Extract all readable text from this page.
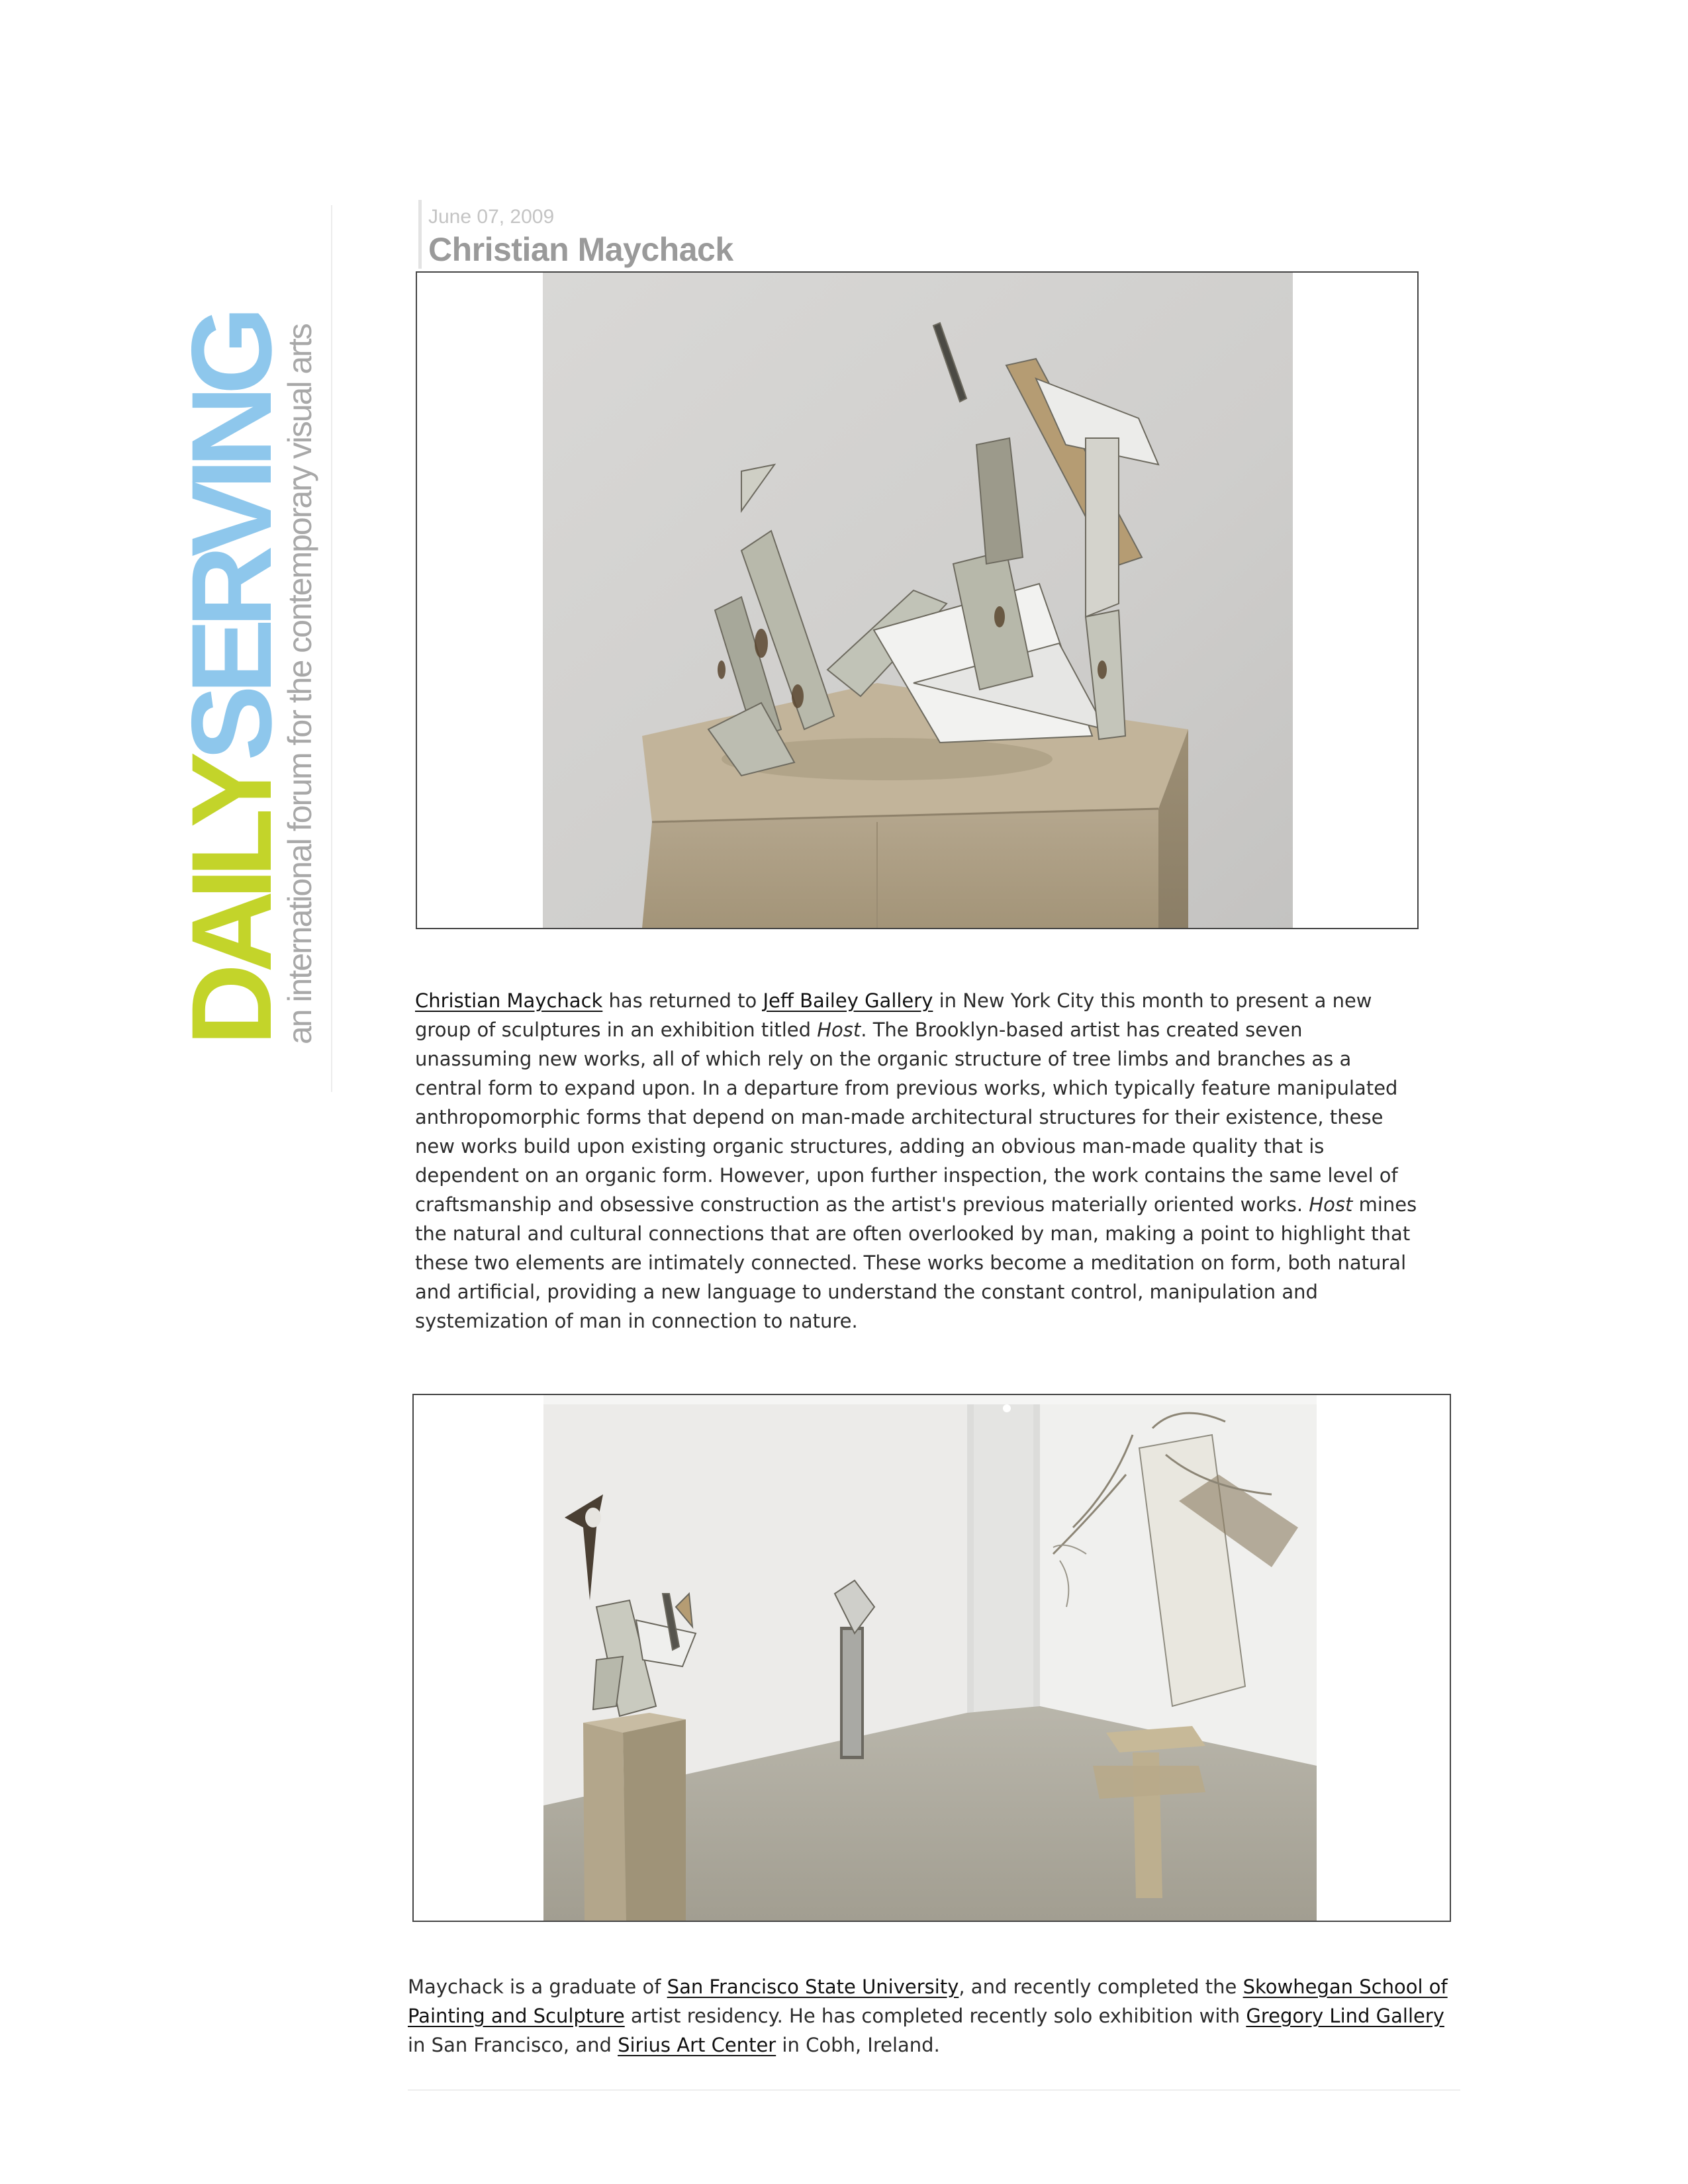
DAILYSERVING
an international forum for the contemporary visual arts
June 07, 2009
Christian Maychack

Christian Maychack has returned to Jeff Bailey Gallery in New York City this month to present a new group of sculptures in an exhibition titled Host. The Brooklyn-based artist has created seven unassuming new works, all of which rely on the organic structure of tree limbs and branches as a central form to expand upon. In a departure from previous works, which typically feature manipulated anthropomorphic forms that depend on man-made architectural structures for their existence, these new works build upon existing organic structures, adding an obvious man-made quality that is dependent on an organic form. However, upon further inspection, the work contains the same level of craftsmanship and obsessive construction as the artist's previous materially oriented works. Host mines the natural and cultural connections that are often overlooked by man, making a point to highlight that these two elements are intimately connected. These works become a meditation on form, both natural and artificial, providing a new language to understand the constant control, manipulation and systemization of man in connection to nature.

Maychack is a graduate of San Francisco State University, and recently completed the Skowhegan School of Painting and Sculpture artist residency. He has completed recently solo exhibition with Gregory Lind Gallery in San Francisco, and Sirius Art Center in Cobh, Ireland.
